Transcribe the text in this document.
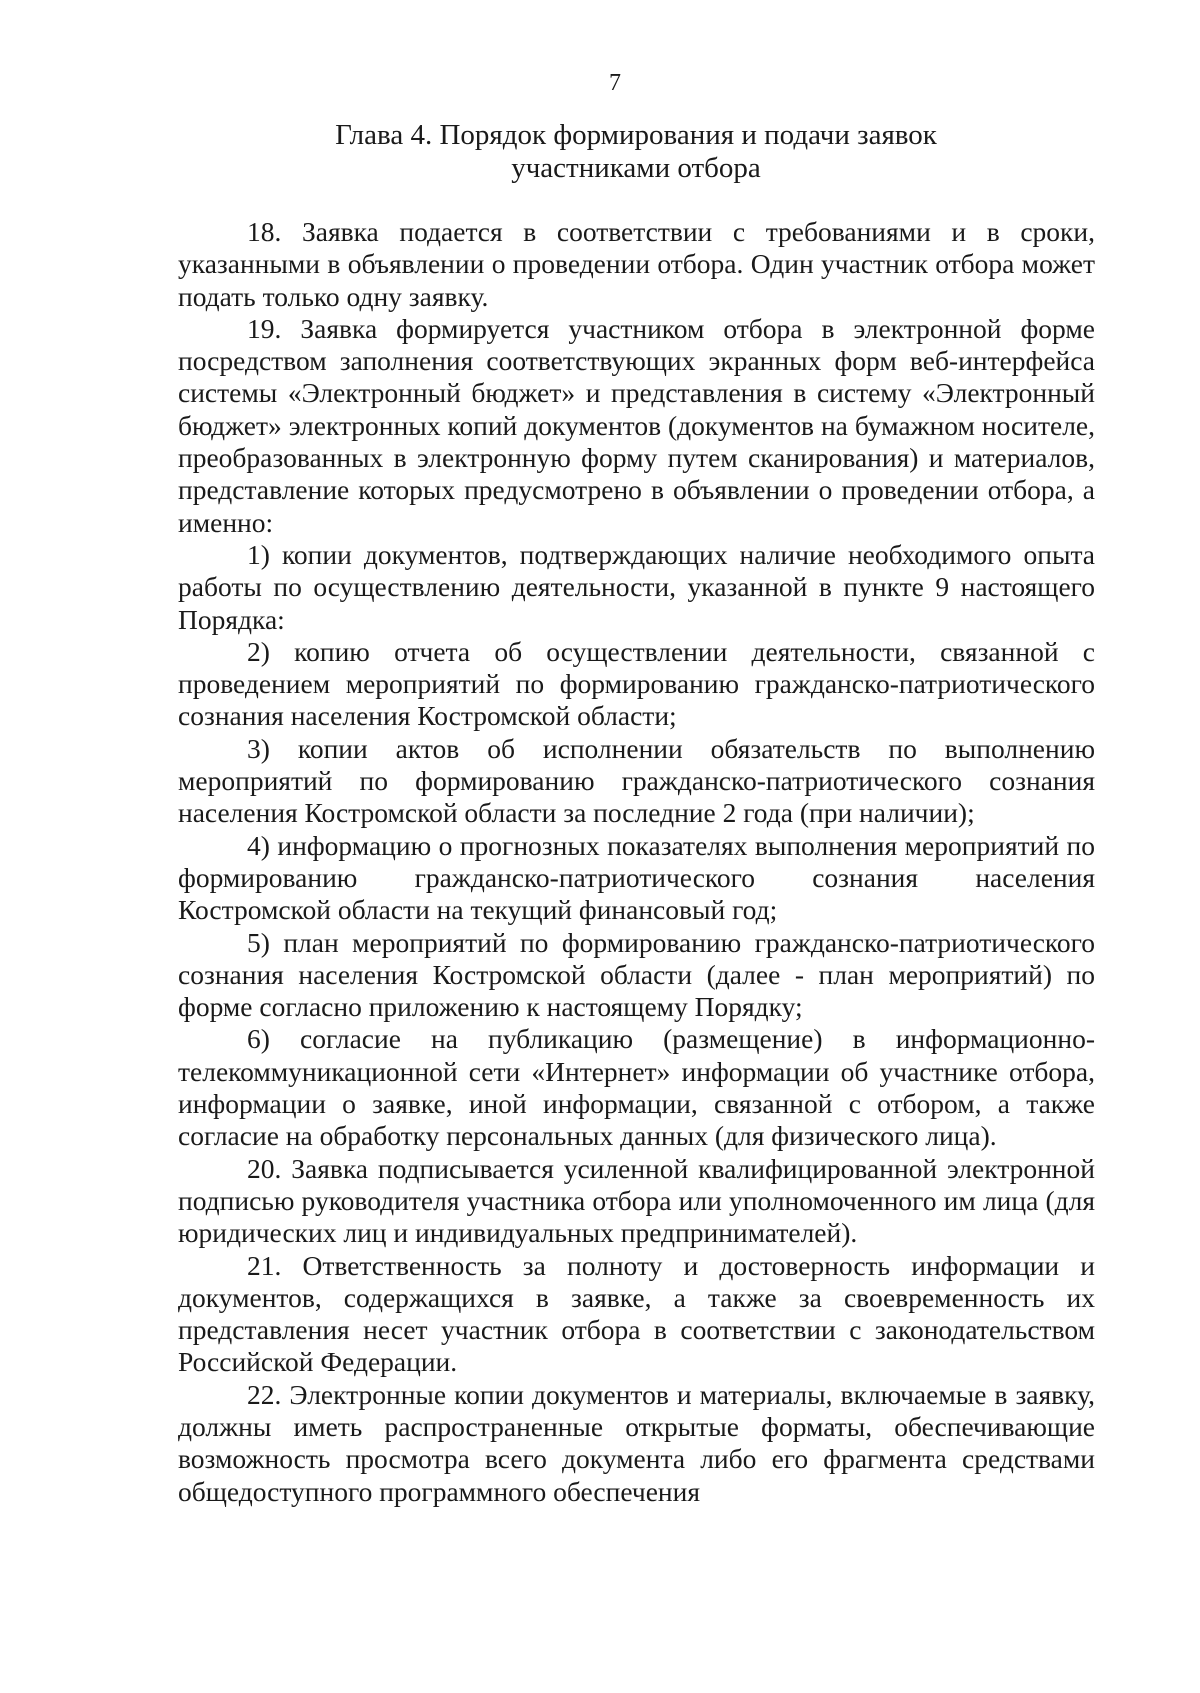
7
Глава 4. Порядок формирования и подачи заявок
участниками отбора

18. Заявка подается в соответствии с требованиями и в сроки, указанными в объявлении о проведении отбора. Один участник отбора может подать только одну заявку.

19. Заявка формируется участником отбора в электронной форме посредством заполнения соответствующих экранных форм веб-интерфейса системы «Электронный бюджет» и представления в систему «Электронный бюджет» электронных копий документов (документов на бумажном носителе, преобразованных в электронную форму путем сканирования) и материалов, представление которых предусмотрено в объявлении о проведении отбора, а именно:

1) копии документов, подтверждающих наличие необходимого опыта работы по осуществлению деятельности, указанной в пункте 9 настоящего Порядка:

2) копию отчета об осуществлении деятельности, связанной с проведением мероприятий по формированию гражданско-патриотического сознания населения Костромской области;

3) копии актов об исполнении обязательств по выполнению мероприятий по формированию гражданско-патриотического сознания населения Костромской области за последние 2 года (при наличии);

4) информацию о прогнозных показателях выполнения мероприятий по формированию гражданско-патриотического сознания населения Костромской области на текущий финансовый год;

5) план мероприятий по формированию гражданско-патриотического сознания населения Костромской области (далее - план мероприятий) по форме согласно приложению к настоящему Порядку;

6) согласие на публикацию (размещение) в информационно-телекоммуникационной сети «Интернет» информации об участнике отбора, информации о заявке, иной информации, связанной с отбором, а также согласие на обработку персональных данных (для физического лица).

20. Заявка подписывается усиленной квалифицированной электронной подписью руководителя участника отбора или уполномоченного им лица (для юридических лиц и индивидуальных предпринимателей).

21. Ответственность за полноту и достоверность информации и документов, содержащихся в заявке, а также за своевременность их представления несет участник отбора в соответствии с законодательством Российской Федерации.

22. Электронные копии документов и материалы, включаемые в заявку, должны иметь распространенные открытые форматы, обеспечивающие возможность просмотра всего документа либо его фрагмента средствами общедоступного программного обеспечения
